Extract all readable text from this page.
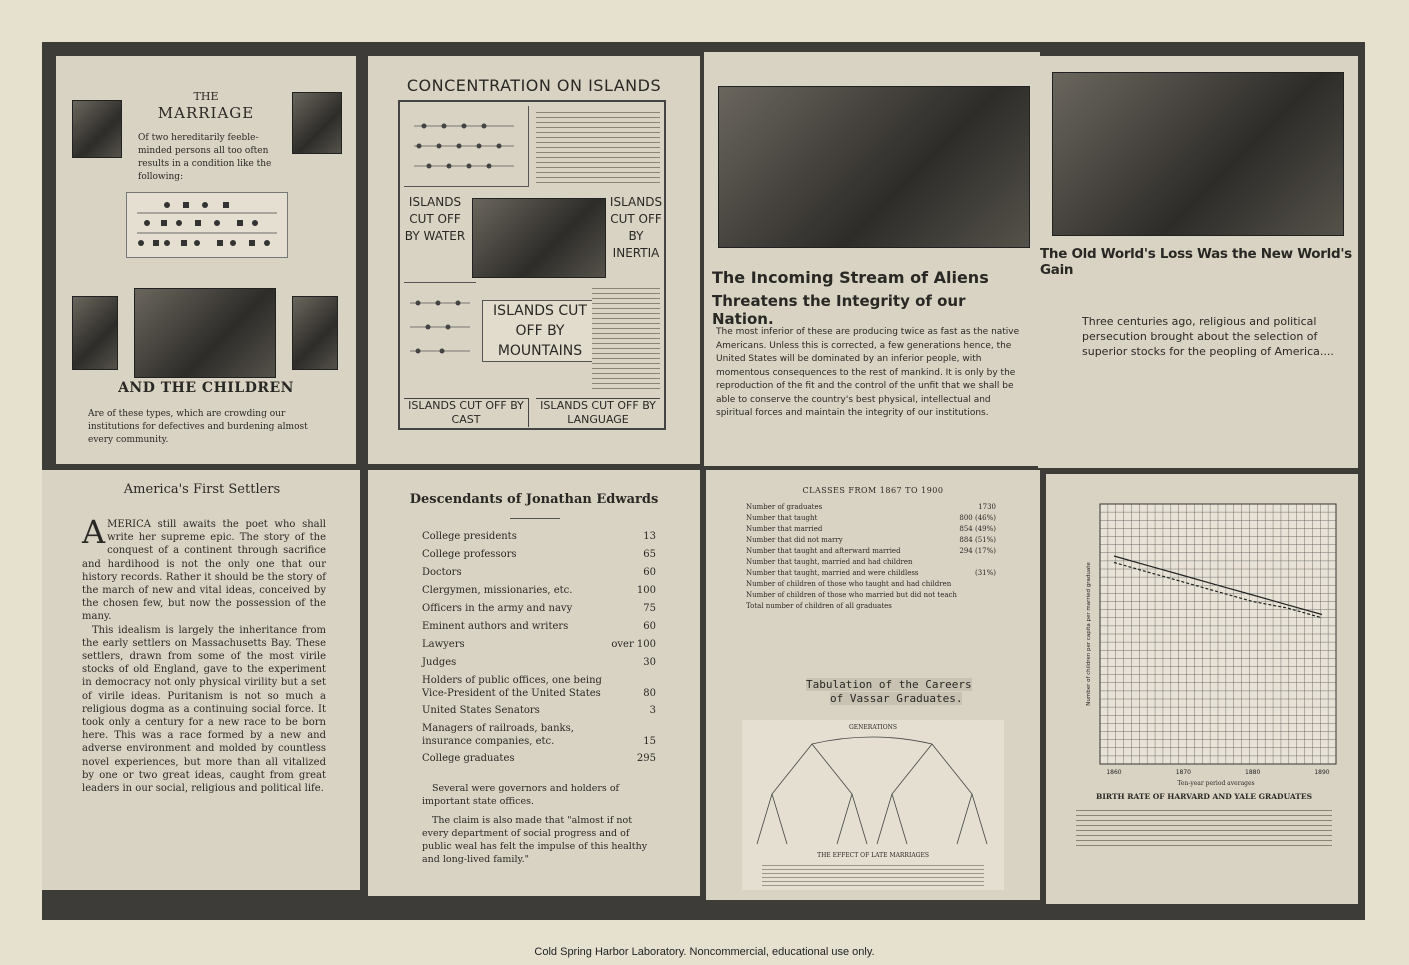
THE
MARRIAGE
Of two hereditarily feeble-minded persons all too often results in a condition like the following:
AND THE CHILDREN
Are of these types, which are crowding our institutions for defectives and burdening almost every community.
CONCENTRATION ON ISLANDS
ISLANDS CUT OFF BY WATER
ISLANDS CUT OFF BY INERTIA
ISLANDS CUT OFF BY MOUNTAINS
ISLANDS CUT OFF BY CAST
ISLANDS CUT OFF BY LANGUAGE
The Incoming Stream of Aliens
Threatens the Integrity of our Nation.
The most inferior of these are producing twice as fast as the native Americans. Unless this is corrected, a few generations hence, the United States will be dominated by an inferior people, with momentous consequences to the rest of mankind. It is only by the reproduction of the fit and the control of the unfit that we shall be able to conserve the country's best physical, intellectual and spiritual forces and maintain the integrity of our institutions.
The Old World's Loss Was the New World's Gain
Three centuries ago, religious and political persecution brought about the selection of superior stocks for the peopling of America....
America's First Settlers
A MERICA still awaits the poet who shall write her supreme epic. The story of the conquest of a continent through sacrifice and hardihood is not the only one that our history records. Rather it should be the story of the march of new and vital ideas, conceived by the chosen few, but now the possession of the many.
This idealism is largely the inheritance from the early settlers on Massachusetts Bay. These settlers, drawn from some of the most virile stocks of old England, gave to the experiment in democracy not only physical virility but a set of virile ideas. Puritanism is not so much a religious dogma as a continuing social force. It took only a century for a new race to be born here. This was a race formed by a new and adverse environment and molded by countless novel experiences, but more than all vitalized by one or two great ideas, caught from great leaders in our social, religious and political life.
Descendants of Jonathan Edwards
College presidents	13
College professors	65
Doctors	60
Clergymen, missionaries, etc.	100
Officers in the army and navy	75
Eminent authors and writers	60
Lawyers	over 100
Judges	30
Holders of public offices, one being Vice-President of the United States	80
United States Senators	3
Managers of railroads, banks, insurance companies, etc.	15
College graduates	295
Several were governors and holders of important state offices.
The claim is also made that "almost if not every department of social progress and of public weal has felt the impulse of this healthy and long-lived family."
CLASSES FROM 1867 TO 1900
Number of graduates	1730
Number that taught	800 (46%)
Number that married	854 (49%)
Number that did not marry	884 (51%)
Number that taught and afterward married	294 (17%)
Number that taught, married and had children
Number that taught, married and were childless	(31%)
Number of children of those who taught and had children
Number of children of those who married but did not teach
Total number of children of all graduates
Tabulation of the Careers
of Vassar Graduates.
GENERATIONS
THE EFFECT OF LATE MARRIAGES
1860	1870	1880	1890
Number of children per capita per married graduate
Ten-year period averages
BIRTH RATE OF HARVARD AND YALE GRADUATES
Cold Spring Harbor Laboratory. Noncommercial, educational use only.
